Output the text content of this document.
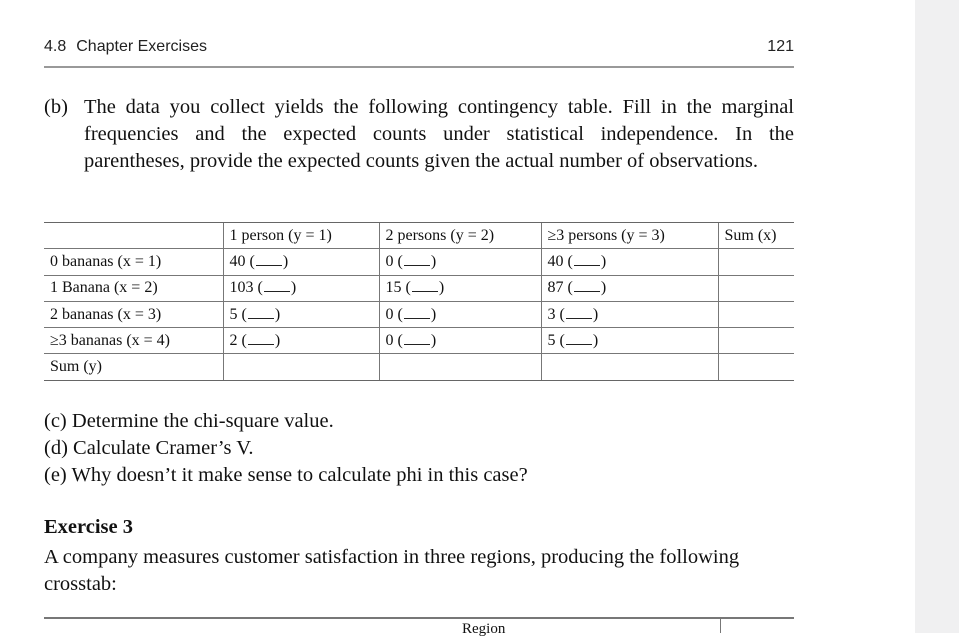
4.8 Chapter Exercises	121
(b) The data you collect yields the following contingency table. Fill in the marginal frequencies and the expected counts under statistical independence. In the parentheses, provide the expected counts given the actual number of observations.
	1 person (y = 1)	2 persons (y = 2)	≥3 persons (y = 3)	Sum (x)
0 bananas (x = 1)	40 ( )	0 ( )	40 ( )	
1 Banana (x = 2)	103 ( )	15 ( )	87 ( )	
2 bananas (x = 3)	5 ( )	0 ( )	3 ( )	
≥3 bananas (x = 4)	2 ( )	0 ( )	5 ( )	
Sum (y)				
(c) Determine the chi-square value.
(d) Calculate Cramer’s V.
(e) Why doesn’t it make sense to calculate phi in this case?
Exercise 3
A company measures customer satisfaction in three regions, producing the following crosstab:
Region
